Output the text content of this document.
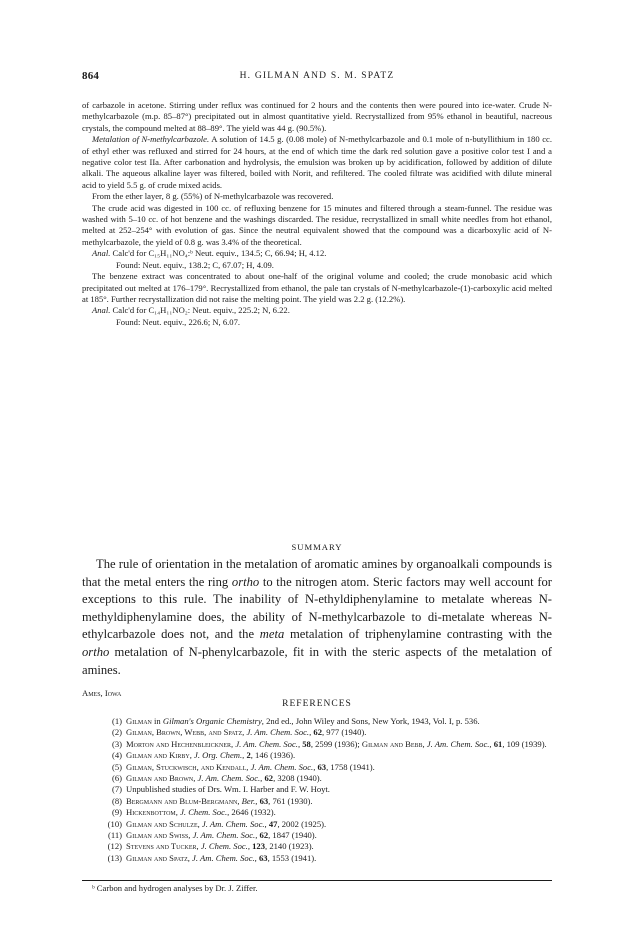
864	H. GILMAN AND S. M. SPATZ

of carbazole in acetone. Stirring under reflux was continued for 2 hours and the contents then were poured into ice-water. Crude N-methylcarbazole (m.p. 85–87°) precipitated out in almost quantitative yield. Recrystallized from 95% ethanol in beautiful, nacreous crystals, the compound melted at 88–89°. The yield was 44 g. (90.5%).

Metalation of N-methylcarbazole. A solution of 14.5 g. (0.08 mole) of N-methylcarbazole and 0.1 mole of n-butyllithium in 180 cc. of ethyl ether was refluxed and stirred for 24 hours, at the end of which time the dark red solution gave a positive color test I and a negative color test IIa. After carbonation and hydrolysis, the emulsion was broken up by acidification, followed by addition of dilute alkali. The aqueous alkaline layer was filtered, boiled with Norit, and refiltered. The cooled filtrate was acidified with dilute mineral acid to yield 5.5 g. of crude mixed acids.

From the ether layer, 8 g. (55%) of N-methylcarbazole was recovered.

The crude acid was digested in 100 cc. of refluxing benzene for 15 minutes and filtered through a steam-funnel. The residue was washed with 5–10 cc. of hot benzene and the washings discarded. The residue, recrystallized in small white needles from hot ethanol, melted at 252–254° with evolution of gas. Since the neutral equivalent showed that the compound was a dicarboxylic acid of N-methylcarbazole, the yield of 0.8 g. was 3.4% of the theoretical.

Anal. Calc'd for C₁₅H₁₁NO₄:ᵇ Neut. equiv., 134.5; C, 66.94; H, 4.12.

Found: Neut. equiv., 138.2; C, 67.07; H, 4.09.

The benzene extract was concentrated to about one-half of the original volume and cooled; the crude monobasic acid which precipitated out melted at 176–179°. Recrystallized from ethanol, the pale tan crystals of N-methylcarbazole-(1)-carboxylic acid melted at 185°. Further recrystallization did not raise the melting point. The yield was 2.2 g. (12.2%).

Anal. Calc'd for C₁₄H₁₁NO₂: Neut. equiv., 225.2; N, 6.22.

Found: Neut. equiv., 226.6; N, 6.07.

SUMMARY

The rule of orientation in the metalation of aromatic amines by organoalkali compounds is that the metal enters the ring ortho to the nitrogen atom. Steric factors may well account for exceptions to this rule. The inability of N-ethyldiphenylamine to metalate whereas N-methyldiphenylamine does, the ability of N-methylcarbazole to di-metalate whereas N-ethylcarbazole does not, and the meta metalation of triphenylamine contrasting with the ortho metalation of N-phenylcarbazole, fit in with the steric aspects of the metalation of amines.

Ames, Iowa
REFERENCES
(1) Gilman in Gilman's Organic Chemistry, 2nd ed., John Wiley and Sons, New York, 1943, Vol. I, p. 536.
(2) Gilman, Brown, Webb, and Spatz, J. Am. Chem. Soc., 62, 977 (1940).
(3) Morton and Hechenbleickner, J. Am. Chem. Soc., 58, 2599 (1936); Gilman and Bebb, J. Am. Chem. Soc., 61, 109 (1939).
(4) Gilman and Kirby, J. Org. Chem., 2, 146 (1936).
(5) Gilman, Stuckwisch, and Kendall, J. Am. Chem. Soc., 63, 1758 (1941).
(6) Gilman and Brown, J. Am. Chem. Soc., 62, 3208 (1940).
(7) Unpublished studies of Drs. Wm. I. Harber and F. W. Hoyt.
(8) Bergmann and Blum-Bergmann, Ber., 63, 761 (1930).
(9) Hickenbottom, J. Chem. Soc., 2646 (1932).
(10) Gilman and Schulze, J. Am. Chem. Soc., 47, 2002 (1925).
(11) Gilman and Swiss, J. Am. Chem. Soc., 62, 1847 (1940).
(12) Stevens and Tucker, J. Chem. Soc., 123, 2140 (1923).
(13) Gilman and Spatz, J. Am. Chem. Soc., 63, 1553 (1941).
ᵇ Carbon and hydrogen analyses by Dr. J. Ziffer.
